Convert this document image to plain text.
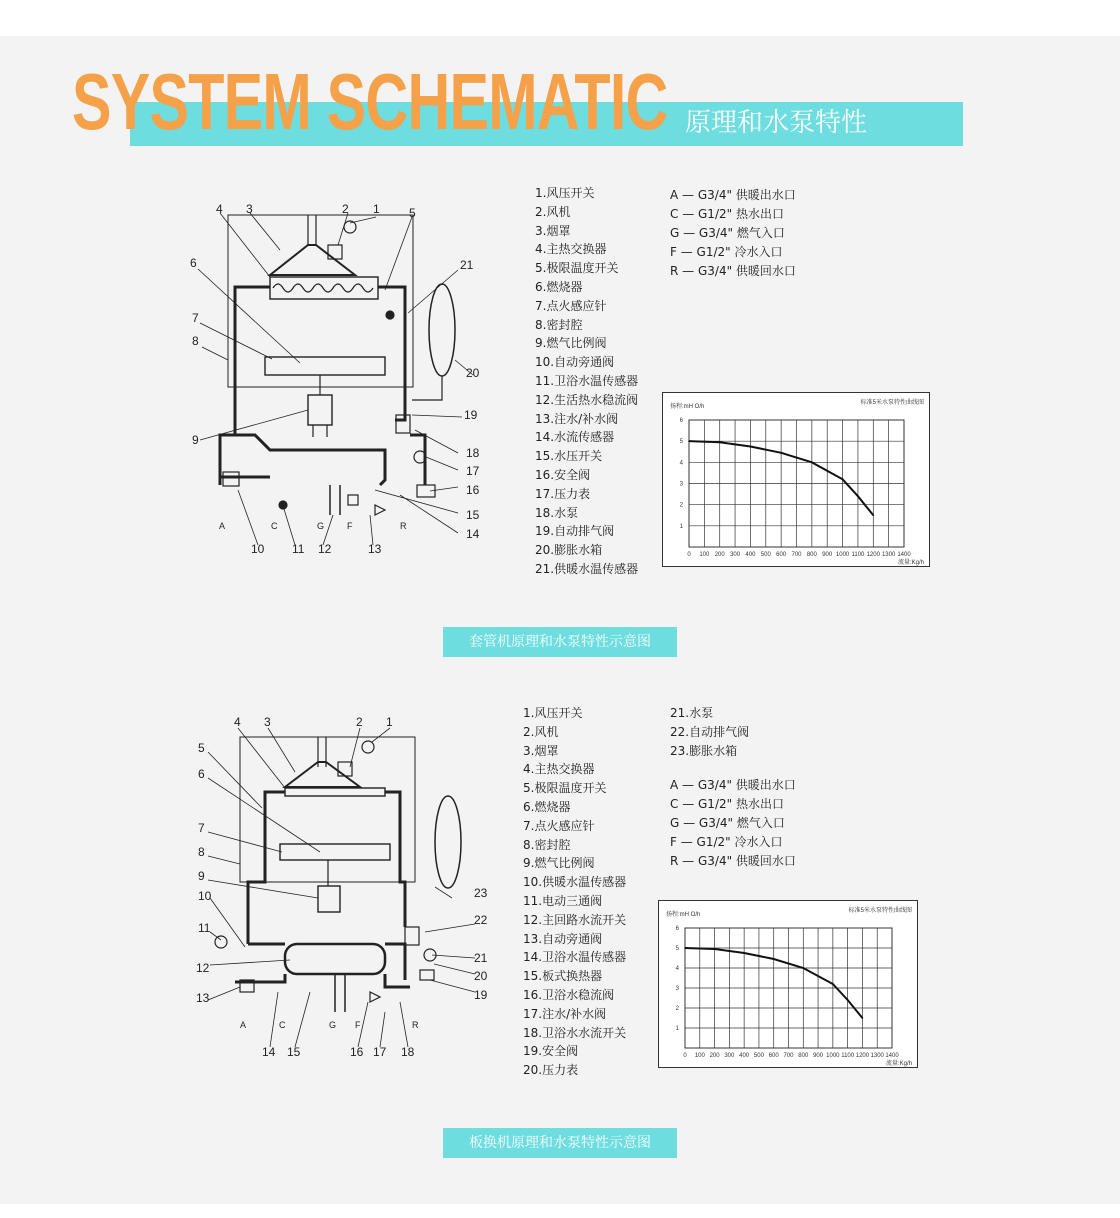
SYSTEM SCHEMATIC 原理和水泵特性
4 3	2 1 5
21
6
7
8
20
19
9
18
17
16
15
14
10 11 12	13
A	C	G	F	R
1.风压开关
2.风机
3.烟罩
4.主热交换器
5.极限温度开关
6.燃烧器
7.点火感应针
8.密封腔
9.燃气比例阀
10.自动旁通阀
11.卫浴水温传感器
12.生活热水稳流阀
13.注水/补水阀
14.水流传感器
15.水压开关
16.安全阀
17.压力表
18.水泵
19.自动排气阀
20.膨胀水箱
21.供暖水温传感器
A — G3/4" 供暖出水口
C — G1/2" 热水出口
G — G3/4" 燃气入口
F — G1/2" 冷水入口
R — G3/4" 供暖回水口
标准5米水泵特性曲线图
扬程:mH O/h
流量:Kg/h
0 100 200 300 400 500 600 700 800 900 1000 1100 1200 1300 1400
1
2
3
4
5
6
套管机原理和水泵特性示意图
4 3	2 1
5
6
7
8
9
10
11
12
13
23
22
21
20
19
14 15	16 17 18
A	C	G F	R
1.风压开关
2.风机
3.烟罩
4.主热交换器
5.极限温度开关
6.燃烧器
7.点火感应针
8.密封腔
9.燃气比例阀
10.供暖水温传感器
11.电动三通阀
12.主回路水流开关
13.自动旁通阀
14.卫浴水温传感器
15.板式换热器
16.卫浴水稳流阀
17.注水/补水阀
18.卫浴水水流开关
19.安全阀
20.压力表
21.水泵
22.自动排气阀
23.膨胀水箱
A — G3/4" 供暖出水口
C — G1/2" 热水出口
G — G3/4" 燃气入口
F — G1/2" 冷水入口
R — G3/4" 供暖回水口
标准5米水泵特性曲线图
扬程:mH O/h
流量:Kg/h
0 100 200 300 400 500 600 700 800 900 1000 1100 1200 1300 1400
1
2
3
4
5
6
板换机原理和水泵特性示意图
